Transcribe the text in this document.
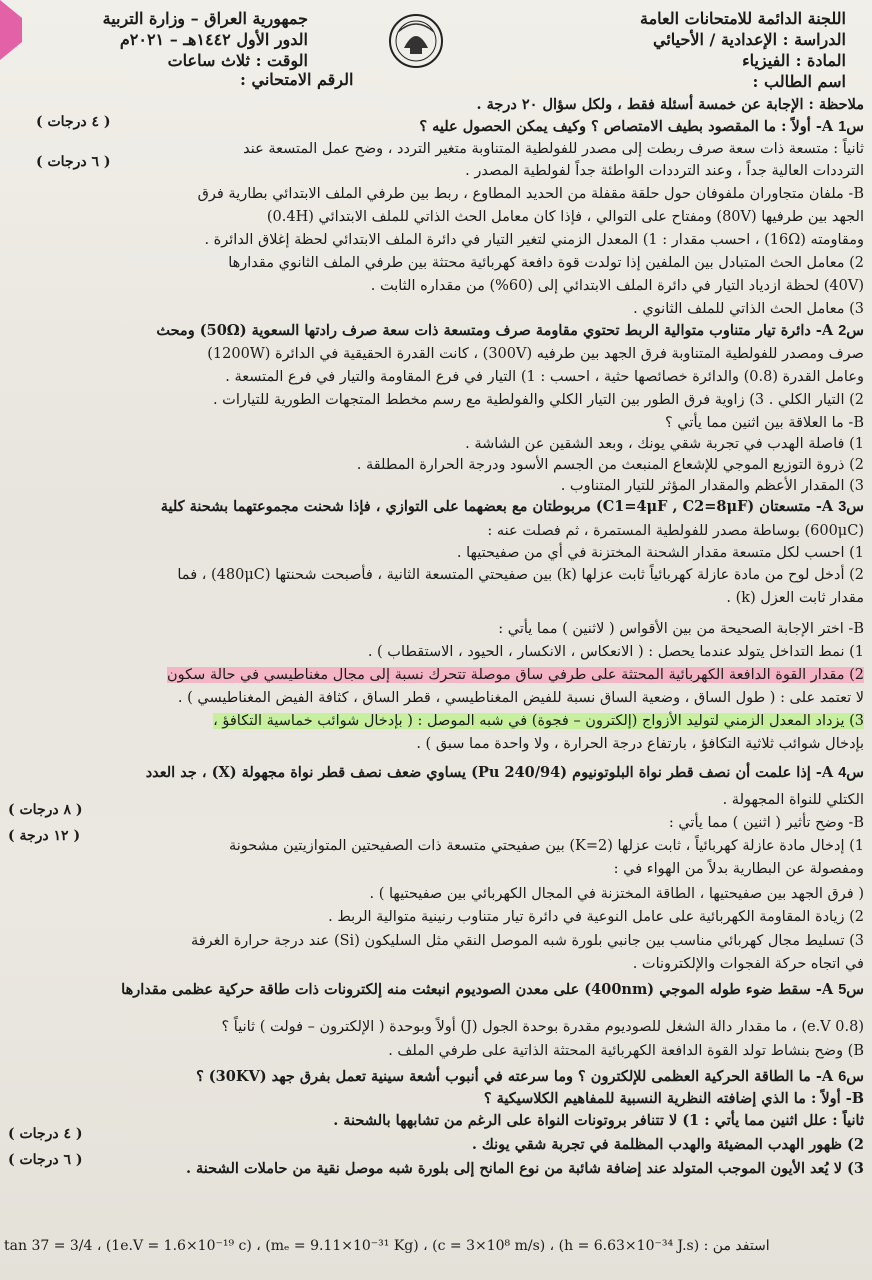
اللجنة الدائمة للامتحانات العامة
الدراسة : الإعدادية / الأحيائي
المادة : الفيزياء
اسم الطالب :
جمهورية العراق – وزارة التربية
الدور الأول ١٤٤٢هـ – ٢٠٢١م
الوقت : ثلاث ساعات
الرقم الامتحاني :
ملاحظة : الإجابة عن خمسة أسئلة فقط ، ولكل سؤال ٢٠ درجة .
س1 A- أولاً : ما المقصود بطيف الامتصاص ؟ وكيف يمكن الحصول عليه ؟
ثانياً : متسعة ذات سعة صرف ربطت إلى مصدر للفولطية المتناوبة متغير التردد ، وضح عمل المتسعة عند
الترددات العالية جداً ، وعند الترددات الواطئة جداً لفولطية المصدر .
B- ملفان متجاوران ملفوفان حول حلقة مقفلة من الحديد المطاوع ، ربط بين طرفي الملف الابتدائي بطارية فرق
الجهد بين طرفيها (80V) ومفتاح على التوالي ، فإذا كان معامل الحث الذاتي للملف الابتدائي (0.4H)
ومقاومته (16Ω) ، احسب مقدار : 1) المعدل الزمني لتغير التيار في دائرة الملف الابتدائي لحظة إغلاق الدائرة .
2) معامل الحث المتبادل بين الملفين إذا تولدت قوة دافعة كهربائية محتثة بين طرفي الملف الثانوي مقدارها
(40V) لحظة ازدياد التيار في دائرة الملف الابتدائي إلى (60%) من مقداره الثابت .
3) معامل الحث الذاتي للملف الثانوي .
س2 A- دائرة تيار متناوب متوالية الربط تحتوي مقاومة صرف ومتسعة ذات سعة صرف رادتها السعوية (50Ω) ومحث
صرف ومصدر للفولطية المتناوبة فرق الجهد بين طرفيه (300V) ، كانت القدرة الحقيقية في الدائرة (1200W)
وعامل القدرة (0.8) والدائرة خصائصها حثية ، احسب : 1) التيار في فرع المقاومة والتيار في فرع المتسعة .
2) التيار الكلي . 3) زاوية فرق الطور بين التيار الكلي والفولطية مع رسم مخطط المتجهات الطورية للتيارات .
B- ما العلاقة بين اثنين مما يأتي ؟
1) فاصلة الهدب في تجربة شقي يونك ، وبعد الشقين عن الشاشة .
2) ذروة التوزيع الموجي للإشعاع المنبعث من الجسم الأسود ودرجة الحرارة المطلقة .
3) المقدار الأعظم والمقدار المؤثر للتيار المتناوب .
س3 A- متسعتان (C1=4μF , C2=8μF) مربوطتان مع بعضهما على التوازي ، فإذا شحنت مجموعتهما بشحنة كلية
(600μC) بوساطة مصدر للفولطية المستمرة ، ثم فصلت عنه :
1) احسب لكل متسعة مقدار الشحنة المختزنة في أي من صفيحتيها .
2) أدخل لوح من مادة عازلة كهربائياً ثابت عزلها (k) بين صفيحتي المتسعة الثانية ، فأصبحت شحنتها (480μC) ، فما
مقدار ثابت العزل (k) .
B- اختر الإجابة الصحيحة من بين الأقواس ( لاثنين ) مما يأتي :
1) نمط التداخل يتولد عندما يحصل : ( الانعكاس ، الانكسار ، الحيود ، الاستقطاب ) .
2) مقدار القوة الدافعة الكهربائية المحتثة على طرفي ساق موصلة تتحرك نسبة إلى مجال مغناطيسي في حالة سكون
لا تعتمد على : ( طول الساق ، وضعية الساق نسبة للفيض المغناطيسي ، قطر الساق ، كثافة الفيض المغناطيسي ) .
3) يزداد المعدل الزمني لتوليد الأزواج (إلكترون – فجوة) في شبه الموصل : ( بإدخال شوائب خماسية التكافؤ ،
بإدخال شوائب ثلاثية التكافؤ ، بارتفاع درجة الحرارة ، ولا واحدة مما سبق ) .
س4 A- إذا علمت أن نصف قطر نواة البلوتونيوم (240/94 Pu) يساوي ضعف نصف قطر نواة مجهولة (X) ، جد العدد
الكتلي للنواة المجهولة .
B- وضح تأثير ( اثنين ) مما يأتي :
1) إدخال مادة عازلة كهربائياً ، ثابت عزلها (K=2) بين صفيحتي متسعة ذات الصفيحتين المتوازيتين مشحونة
ومفصولة عن البطارية بدلاً من الهواء في :
( فرق الجهد بين صفيحتيها ، الطاقة المختزنة في المجال الكهربائي بين صفيحتيها ) .
2) زيادة المقاومة الكهربائية على عامل النوعية في دائرة تيار متناوب رنينية متوالية الربط .
3) تسليط مجال كهربائي مناسب بين جانبي بلورة شبه الموصل النقي مثل السليكون (Si) عند درجة حرارة الغرفة
في اتجاه حركة الفجوات والإلكترونات .
س5 A- سقط ضوء طوله الموجي (400nm) على معدن الصوديوم انبعثت منه إلكترونات ذات طاقة حركية عظمى مقدارها
(0.8 e.V) ، ما مقدار دالة الشغل للصوديوم مقدرة بوحدة الجول (J) أولاً وبوحدة ( الإلكترون – فولت ) ثانياً ؟
B) وضح بنشاط تولد القوة الدافعة الكهربائية المحتثة الذاتية على طرفي الملف .
س6 A- ما الطاقة الحركية العظمى للإلكترون ؟ وما سرعته في أنبوب أشعة سينية تعمل بفرق جهد (30KV) ؟
B- أولاً : ما الذي إضافته النظرية النسبية للمفاهيم الكلاسيكية ؟
ثانياً : علل اثنين مما يأتي : 1) لا تتنافر بروتونات النواة على الرغم من تشابهها بالشحنة .
2) ظهور الهدب المضيئة والهدب المظلمة في تجربة شقي يونك .
3) لا يُعد الأيون الموجب المتولد عند إضافة شائبة من نوع المانح إلى بلورة شبه موصل نقية من حاملات الشحنة .
( ٤ درجات )
( ٦ درجات )
( ٨ درجات )
( ١٢ درجة )
( ٤ درجات )
( ٦ درجات )
tan 37 = 3/4 ، (1e.V = 1.6×10⁻¹⁹ c) ، (mₑ = 9.11×10⁻³¹ Kg) ، (c = 3×10⁸ m/s) ، (h = 6.63×10⁻³⁴ J.s) : استفد من
